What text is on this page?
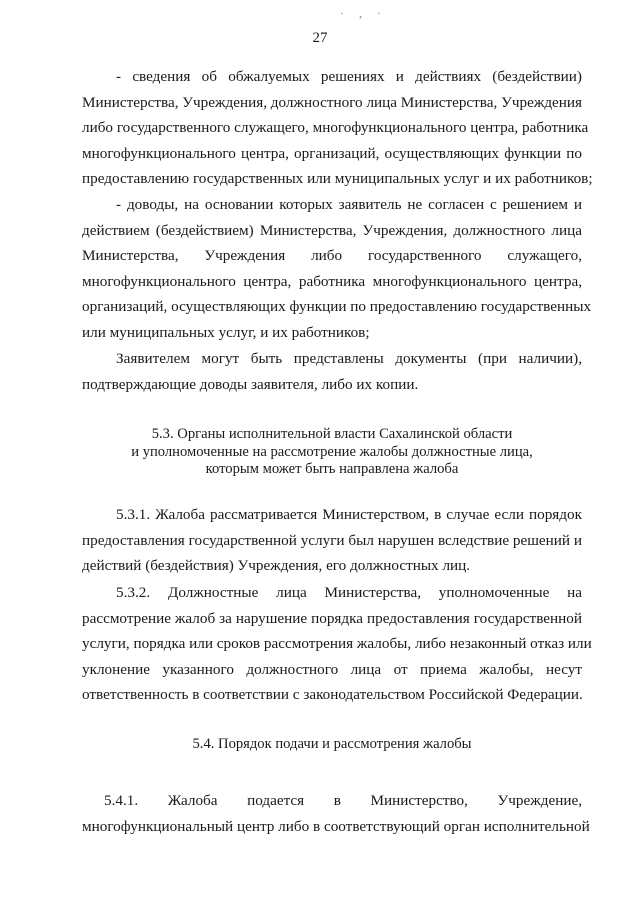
· , ·
27
- сведения об обжалуемых решениях и действиях (бездействии)
Министерства, Учреждения, должностного лица Министерства, Учреждения
либо государственного служащего, многофункционального центра, работника
многофункционального центра, организаций, осуществляющих функции по
предоставлению государственных или муниципальных услуг и их работников;
- доводы, на основании которых заявитель не согласен с решением и
действием (бездействием) Министерства, Учреждения, должностного лица
Министерства, Учреждения либо государственного служащего,
многофункционального центра, работника многофункционального центра,
организаций, осуществляющих функции по предоставлению государственных
или муниципальных услуг, и их работников;
Заявителем могут быть представлены документы (при наличии),
подтверждающие доводы заявителя, либо их копии.
5.3. Органы исполнительной власти Сахалинской области
и уполномоченные на рассмотрение жалобы должностные лица,
которым может быть направлена жалоба
5.3.1. Жалоба рассматривается Министерством, в случае если порядок
предоставления государственной услуги был нарушен вследствие решений и
действий (бездействия) Учреждения, его должностных лиц.
5.3.2. Должностные лица Министерства, уполномоченные на
рассмотрение жалоб за нарушение порядка предоставления государственной
услуги, порядка или сроков рассмотрения жалобы, либо незаконный отказ или
уклонение указанного должностного лица от приема жалобы, несут
ответственность в соответствии с законодательством Российской Федерации.
5.4. Порядок подачи и рассмотрения жалобы
5.4.1. Жалоба подается в Министерство, Учреждение,
многофункциональный центр либо в соответствующий орган исполнительной
